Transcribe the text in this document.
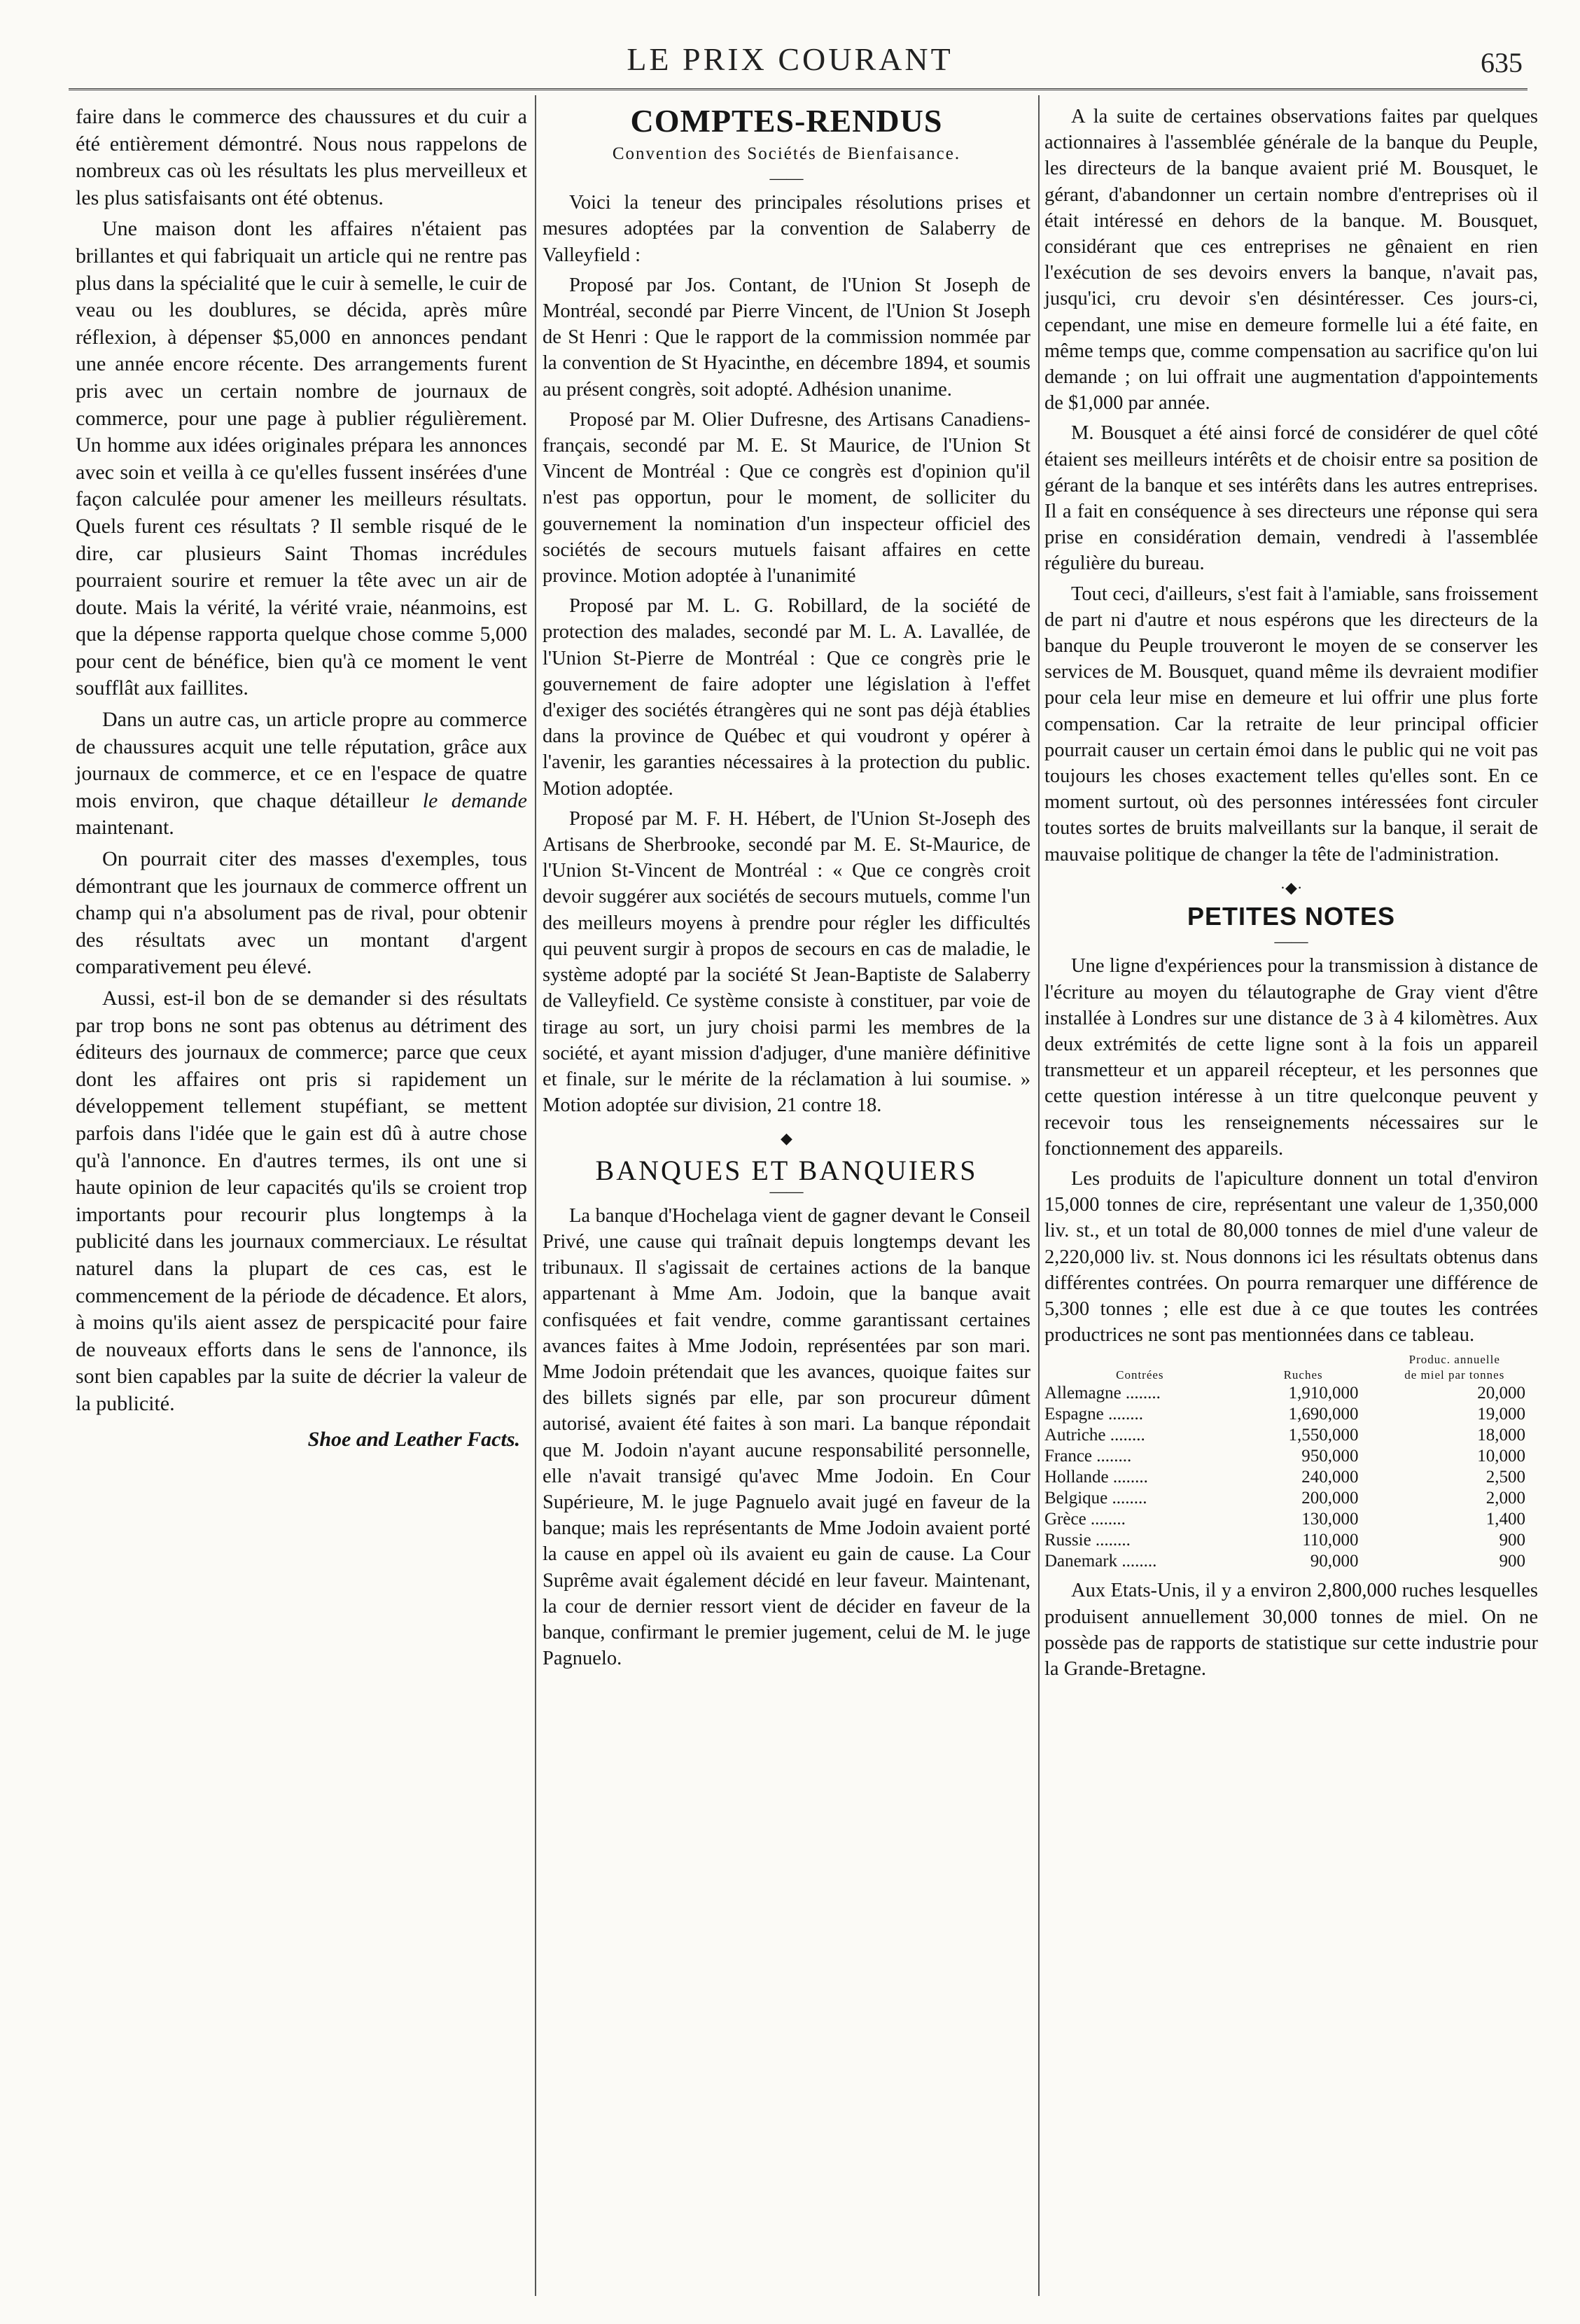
LE PRIX COURANT	635

faire dans le commerce des chaussures et du cuir a été entièrement démontré. Nous nous rappelons de nombreux cas où les résultats les plus merveilleux et les plus satisfaisants ont été obtenus.

Une maison dont les affaires n'étaient pas brillantes et qui fabriquait un article qui ne rentre pas plus dans la spécialité que le cuir à semelle, le cuir de veau ou les doublures, se décida, après mûre réflexion, à dépenser $5,000 en annonces pendant une année encore récente. Des arrangements furent pris avec un certain nombre de journaux de commerce, pour une page à publier régulièrement. Un homme aux idées originales prépara les annonces avec soin et veilla à ce qu'elles fussent insérées d'une façon calculée pour amener les meilleurs résultats. Quels furent ces résultats ? Il semble risqué de le dire, car plusieurs Saint Thomas incrédules pourraient sourire et remuer la tête avec un air de doute. Mais la vérité, la vérité vraie, néanmoins, est que la dépense rapporta quelque chose comme 5,000 pour cent de bénéfice, bien qu'à ce moment le vent soufflât aux faillites.

Dans un autre cas, un article propre au commerce de chaussures acquit une telle réputation, grâce aux journaux de commerce, et ce en l'espace de quatre mois environ, que chaque détailleur le demande maintenant.

On pourrait citer des masses d'exemples, tous démontrant que les journaux de commerce offrent un champ qui n'a absolument pas de rival, pour obtenir des résultats avec un montant d'argent comparativement peu élevé.

Aussi, est-il bon de se demander si des résultats par trop bons ne sont pas obtenus au détriment des éditeurs des journaux de commerce; parce que ceux dont les affaires ont pris si rapidement un développement tellement stupéfiant, se mettent parfois dans l'idée que le gain est dû à autre chose qu'à l'annonce. En d'autres termes, ils ont une si haute opinion de leur capacités qu'ils se croient trop importants pour recourir plus longtemps à la publicité dans les journaux commerciaux. Le résultat naturel dans la plupart de ces cas, est le commencement de la période de décadence. Et alors, à moins qu'ils aient assez de perspicacité pour faire de nouveaux efforts dans le sens de l'annonce, ils sont bien capables par la suite de décrier la valeur de la publicité.

Shoe and Leather Facts.
COMPTES-RENDUS
Convention des Sociétés de Bienfaisance.
——

Voici la teneur des principales résolutions prises et mesures adoptées par la convention de Salaberry de Valleyfield :

Proposé par Jos. Contant, de l'Union St Joseph de Montréal, secondé par Pierre Vincent, de l'Union St Joseph de St Henri : Que le rapport de la commission nommée par la convention de St Hyacinthe, en décembre 1894, et soumis au présent congrès, soit adopté. Adhésion unanime.

Proposé par M. Olier Dufresne, des Artisans Canadiens-français, secondé par M. E. St Maurice, de l'Union St Vincent de Montréal : Que ce congrès est d'opinion qu'il n'est pas opportun, pour le moment, de solliciter du gouvernement la nomination d'un inspecteur officiel des sociétés de secours mutuels faisant affaires en cette province. Motion adoptée à l'unanimité

Proposé par M. L. G. Robillard, de la société de protection des malades, secondé par M. L. A. Lavallée, de l'Union St-Pierre de Montréal : Que ce congrès prie le gouvernement de faire adopter une législation à l'effet d'exiger des sociétés étrangères qui ne sont pas déjà établies dans la province de Québec et qui voudront y opérer à l'avenir, les garanties nécessaires à la protection du public. Motion adoptée.

Proposé par M. F. H. Hébert, de l'Union St-Joseph des Artisans de Sherbrooke, secondé par M. E. St-Maurice, de l'Union St-Vincent de Montréal : « Que ce congrès croit devoir suggérer aux sociétés de secours mutuels, comme l'un des meilleurs moyens à prendre pour régler les difficultés qui peuvent surgir à propos de secours en cas de maladie, le système adopté par la société St Jean-Baptiste de Salaberry de Valleyfield. Ce système consiste à constituer, par voie de tirage au sort, un jury choisi parmi les membres de la société, et ayant mission d'adjuger, d'une manière définitive et finale, sur le mérite de la réclamation à lui soumise. » Motion adoptée sur division, 21 contre 18.

◆
BANQUES ET BANQUIERS
——

La banque d'Hochelaga vient de gagner devant le Conseil Privé, une cause qui traînait depuis longtemps devant les tribunaux. Il s'agissait de certaines actions de la banque appartenant à Mme Am. Jodoin, que la banque avait confisquées et fait vendre, comme garantissant certaines avances faites à Mme Jodoin, représentées par son mari. Mme Jodoin prétendait que les avances, quoique faites sur des billets signés par elle, par son procureur dûment autorisé, avaient été faites à son mari. La banque répondait que M. Jodoin n'ayant aucune responsabilité personnelle, elle n'avait transigé qu'avec Mme Jodoin. En Cour Supérieure, M. le juge Pagnuelo avait jugé en faveur de la banque; mais les représentants de Mme Jodoin avaient porté la cause en appel où ils avaient eu gain de cause. La Cour Suprême avait également décidé en leur faveur. Maintenant, la cour de dernier ressort vient de décider en faveur de la banque, confirmant le premier jugement, celui de M. le juge Pagnuelo.

A la suite de certaines observations faites par quelques actionnaires à l'assemblée générale de la banque du Peuple, les directeurs de la banque avaient prié M. Bousquet, le gérant, d'abandonner un certain nombre d'entreprises où il était intéressé en dehors de la banque. M. Bousquet, considérant que ces entreprises ne gênaient en rien l'exécution de ses devoirs envers la banque, n'avait pas, jusqu'ici, cru devoir s'en désintéresser. Ces jours-ci, cependant, une mise en demeure formelle lui a été faite, en même temps que, comme compensation au sacrifice qu'on lui demande ; on lui offrait une augmentation d'appointements de $1,000 par année.

M. Bousquet a été ainsi forcé de considérer de quel côté étaient ses meilleurs intérêts et de choisir entre sa position de gérant de la banque et ses intérêts dans les autres entreprises. Il a fait en conséquence à ses directeurs une réponse qui sera prise en considération demain, vendredi à l'assemblée régulière du bureau.

Tout ceci, d'ailleurs, s'est fait à l'amiable, sans froissement de part ni d'autre et nous espérons que les directeurs de la banque du Peuple trouveront le moyen de se conserver les services de M. Bousquet, quand même ils devraient modifier pour cela leur mise en demeure et lui offrir une plus forte compensation. Car la retraite de leur principal officier pourrait causer un certain émoi dans le public qui ne voit pas toujours les choses exactement telles qu'elles sont. En ce moment surtout, où des personnes intéressées font circuler toutes sortes de bruits malveillants sur la banque, il serait de mauvaise politique de changer la tête de l'administration.

·◆·
PETITES NOTES
——

Une ligne d'expériences pour la transmission à distance de l'écriture au moyen du télautographe de Gray vient d'être installée à Londres sur une distance de 3 à 4 kilomètres. Aux deux extrémités de cette ligne sont à la fois un appareil transmetteur et un appareil récepteur, et les personnes que cette question intéresse à un titre quelconque peuvent y recevoir tous les renseignements nécessaires sur le fonctionnement des appareils.

Les produits de l'apiculture donnent un total d'environ 15,000 tonnes de cire, représentant une valeur de 1,350,000 liv. st., et un total de 80,000 tonnes de miel d'une valeur de 2,220,000 liv. st. Nous donnons ici les résultats obtenus dans différentes contrées. On pourra remarquer une différence de 5,300 tonnes ; elle est due à ce que toutes les contrées productrices ne sont pas mentionnées dans ce tableau.

		Produc. annuelle
Contrées	Ruches	de miel par tonnes
Allemagne ........	1,910,000	20,000
Espagne ........	1,690,000	19,000
Autriche ........	1,550,000	18,000
France ........	950,000	10,000
Hollande ........	240,000	2,500
Belgique ........	200,000	2,000
Grèce ........	130,000	1,400
Russie ........	110,000	900
Danemark ........	90,000	900

Aux Etats-Unis, il y a environ 2,800,000 ruches lesquelles produisent annuellement 30,000 tonnes de miel. On ne possède pas de rapports de statistique sur cette industrie pour la Grande-Bretagne.
